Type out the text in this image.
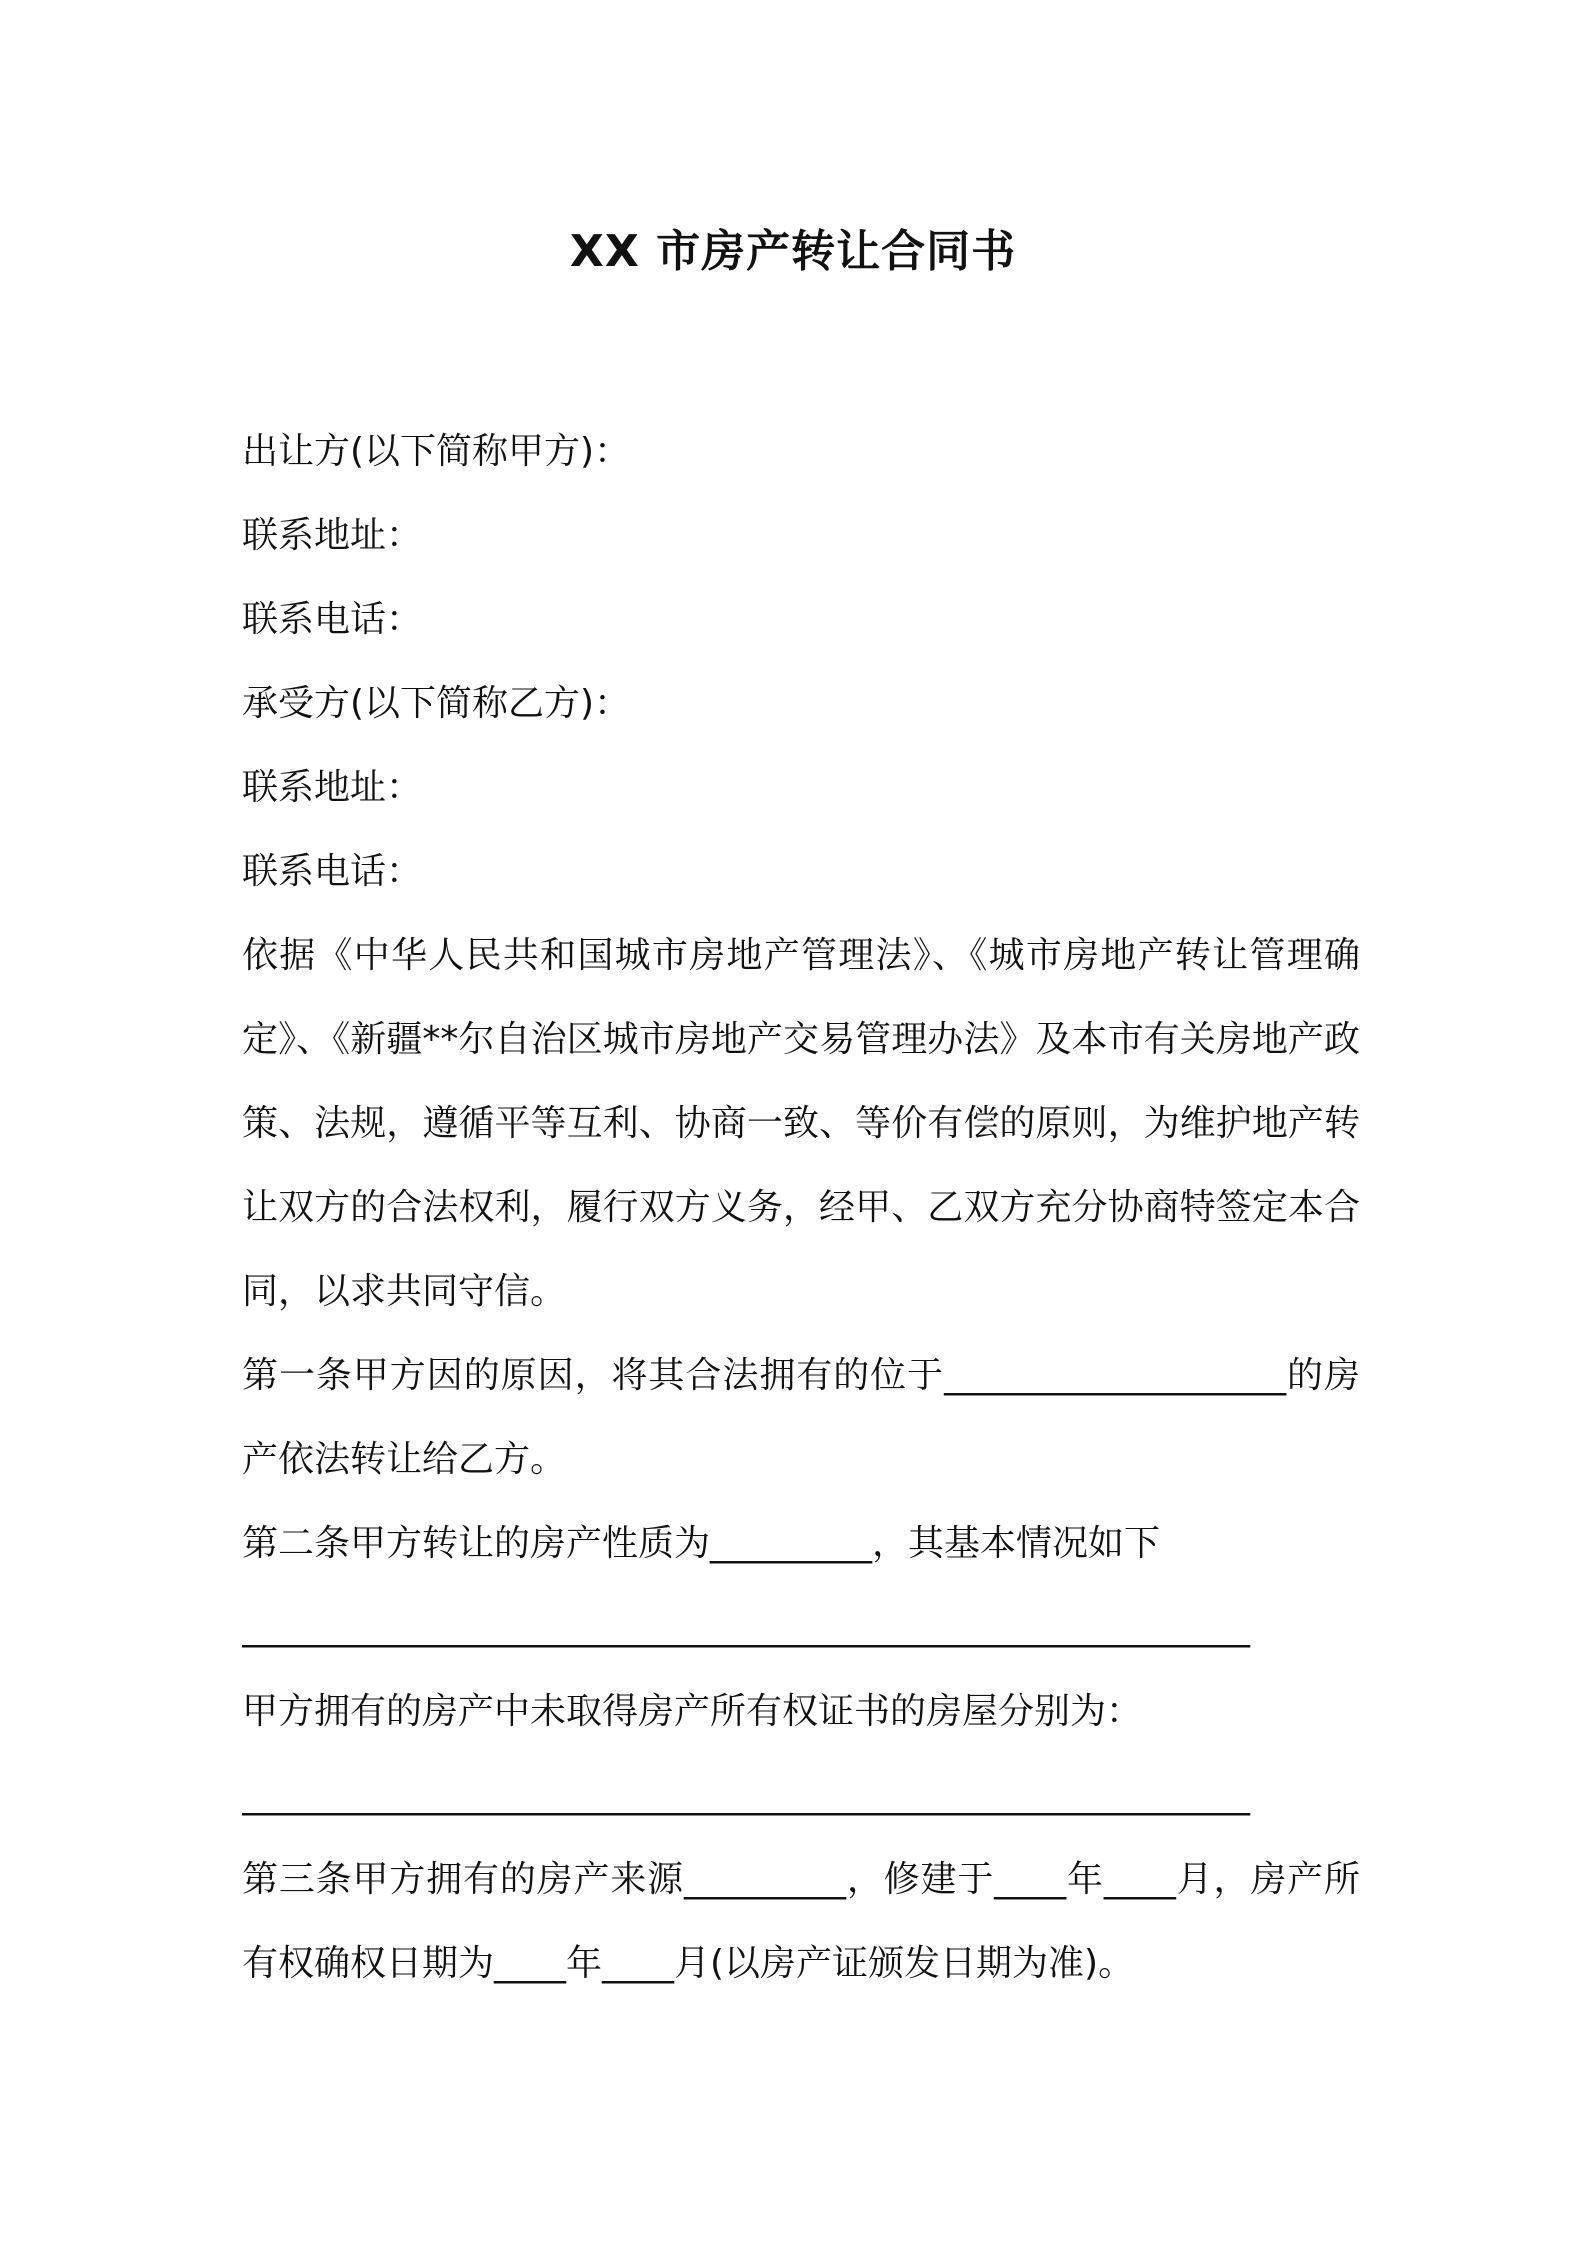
XX 市房产转让合同书
出让方(以下简称甲方)：
联系地址：
联系电话：
承受方(以下简称乙方)：
联系地址：
联系电话：
依据《中华人民共和国城市房地产管理法》、《城市房地产转让管理确定》、《新疆**尔自治区城市房地产交易管理办法》及本市有关房地产政策、法规，遵循平等互利、协商一致、等价有偿的原则，为维护地产转让双方的合法权利，履行双方义务，经甲、乙双方充分协商特签定本合同，以求共同守信。
第一条甲方因的原因，将其合法拥有的位于___________________的房产依法转让给乙方。
第二条甲方转让的房产性质为_________，其基本情况如下
________________________________________________________
甲方拥有的房产中未取得房产所有权证书的房屋分别为：
________________________________________________________
第三条甲方拥有的房产来源_________，修建于____年____月，房产所有权确权日期为____年____月(以房产证颁发日期为准)。
